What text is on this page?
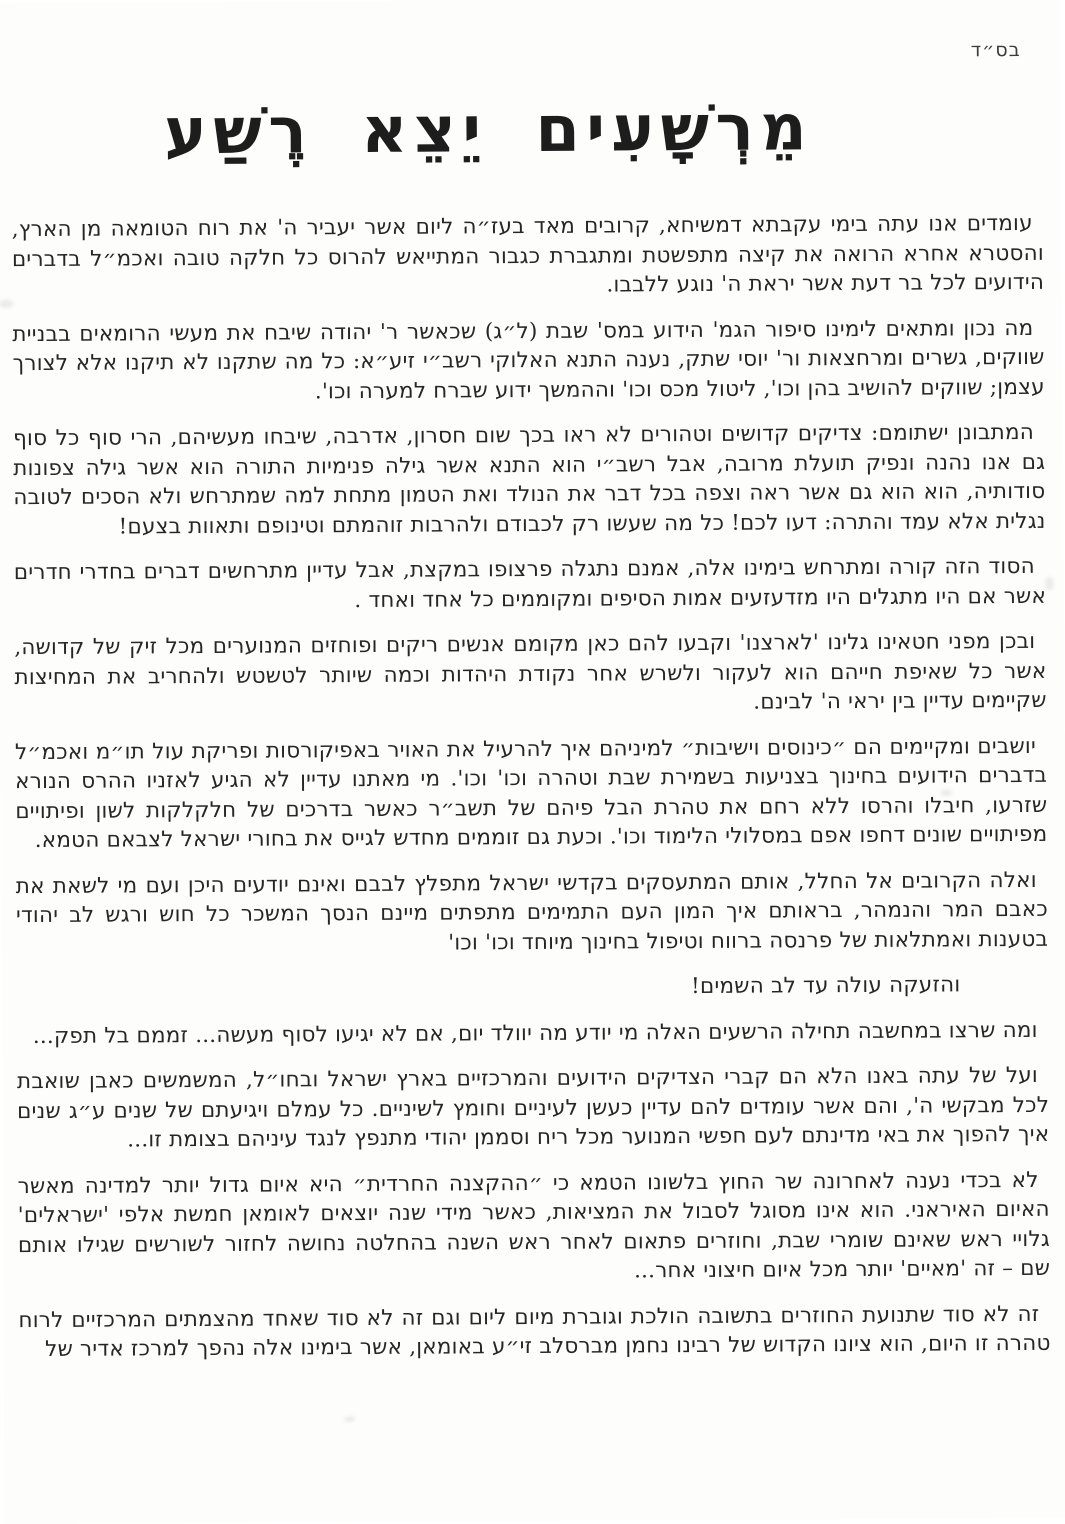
בס״ד
מֵרְשָׁעִים יֵצֵא רֶשַׁע

עומדים אנו עתה בימי עקבתא דמשיחא, קרובים מאד בעז״ה ליום אשר יעביר ה' את רוח הטומאה מן הארץ, והסטרא אחרא הרואה את קיצה מתפשטת ומתגברת כגבור המתייאש להרוס כל חלקה טובה ואכמ״ל בדברים הידועים לכל בר דעת אשר יראת ה' נוגע ללבבו.

מה נכון ומתאים לימינו סיפור הגמ' הידוע במס' שבת (ל״ג) שכאשר ר' יהודה שיבח את מעשי הרומאים בבניית שווקים, גשרים ומרחצאות ור' יוסי שתק, נענה התנא האלוקי רשב״י זיע״א: כל מה שתקנו לא תיקנו אלא לצורך עצמן; שווקים להושיב בהן וכו', ליטול מכס וכו' וההמשך ידוע שברח למערה וכו'.

המתבונן ישתומם: צדיקים קדושים וטהורים לא ראו בכך שום חסרון, אדרבה, שיבחו מעשיהם, הרי סוף כל סוף גם אנו נהנה ונפיק תועלת מרובה, אבל רשב״י הוא התנא אשר גילה פנימיות התורה הוא אשר גילה צפונות סודותיה, הוא הוא גם אשר ראה וצפה בכל דבר את הנולד ואת הטמון מתחת למה שמתרחש ולא הסכים לטובה נגלית אלא עמד והתרה: דעו לכם! כל מה שעשו רק לכבודם ולהרבות זוהמתם וטינופם ותאוות בצעם!

הסוד הזה קורה ומתרחש בימינו אלה, אמנם נתגלה פרצופו במקצת, אבל עדיין מתרחשים דברים בחדרי חדרים אשר אם היו מתגלים היו מזדעזעים אמות הסיפים ומקוממים כל אחד ואחד .

ובכן מפני חטאינו גלינו 'לארצנו' וקבעו להם כאן מקומם אנשים ריקים ופוחזים המנוערים מכל זיק של קדושה, אשר כל שאיפת חייהם הוא לעקור ולשרש אחר נקודת היהדות וכמה שיותר לטשטש ולהחריב את המחיצות שקיימים עדיין בין יראי ה' לבינם.

יושבים ומקיימים הם ״כינוסים וישיבות״ למיניהם איך להרעיל את האויר באפיקורסות ופריקת עול תו״מ ואכמ״ל בדברים הידועים בחינוך בצניעות בשמירת שבת וטהרה וכו' וכו'. מי מאתנו עדיין לא הגיע לאזניו ההרס הנורא שזרעו, חיבלו והרסו ללא רחם את טהרת הבל פיהם של תשב״ר כאשר בדרכים של חלקלקות לשון ופיתויים מפיתויים שונים דחפו אפם במסלולי הלימוד וכו'. וכעת גם זוממים מחדש לגייס את בחורי ישראל לצבאם הטמא.

ואלה הקרובים אל החלל, אותם המתעסקים בקדשי ישראל מתפלץ לבבם ואינם יודעים היכן ועם מי לשאת את כאבם המר והנמהר, בראותם איך המון העם התמימים מתפתים מיינם הנסך המשכר כל חוש ורגש לב יהודי בטענות ואמתלאות של פרנסה ברווח וטיפול בחינוך מיוחד וכו' וכו'

והזעקה עולה עד לב השמים!

ומה שרצו במחשבה תחילה הרשעים האלה מי יודע מה יוולד יום, אם לא יגיעו לסוף מעשה... זממם בל תפק...

ועל של עתה באנו הלא הם קברי הצדיקים הידועים והמרכזיים בארץ ישראל ובחו״ל, המשמשים כאבן שואבת לכל מבקשי ה', והם אשר עומדים להם עדיין כעשן לעיניים וחומץ לשיניים. כל עמלם ויגיעתם של שנים ע״ג שנים איך להפוך את באי מדינתם לעם חפשי המנוער מכל ריח וסממן יהודי מתנפץ לנגד עיניהם בצומת זו...

לא בכדי נענה לאחרונה שר החוץ בלשונו הטמא כי ״ההקצנה החרדית״ היא איום גדול יותר למדינה מאשר האיום האיראני. הוא אינו מסוגל לסבול את המציאות, כאשר מידי שנה יוצאים לאומאן חמשת אלפי 'ישראלים' גלויי ראש שאינם שומרי שבת, וחוזרים פתאום לאחר ראש השנה בהחלטה נחושה לחזור לשורשים שגילו אותם שם – זה 'מאיים' יותר מכל איום חיצוני אחר...

זה לא סוד שתנועת החוזרים בתשובה הולכת וגוברת מיום ליום וגם זה לא סוד שאחד מהצמתים המרכזיים לרוח טהרה זו היום, הוא ציונו הקדוש של רבינו נחמן מברסלב זי״ע באומאן, אשר בימינו אלה נהפך למרכז אדיר של
